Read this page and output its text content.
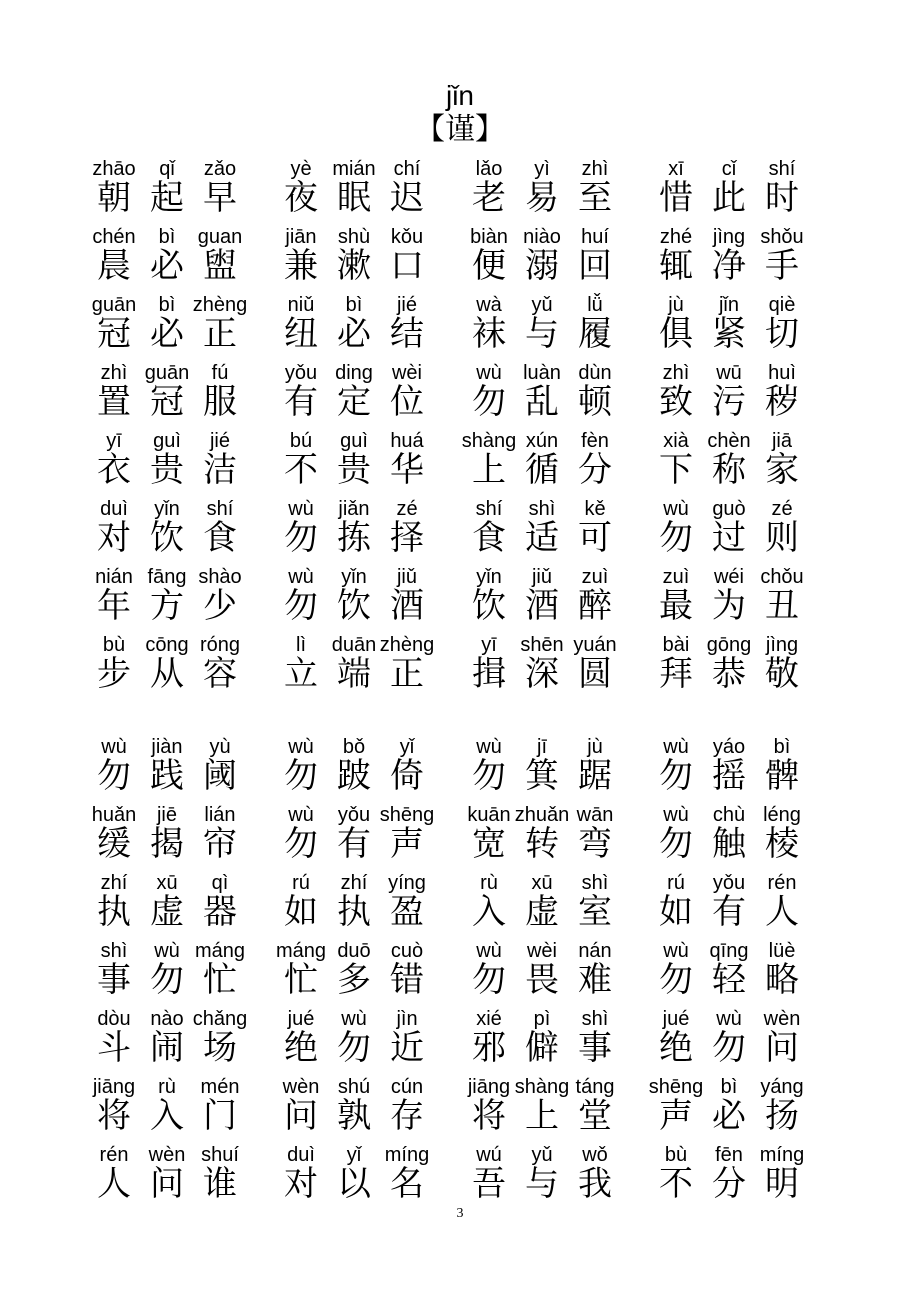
jǐn
【谨】
zhāo
朝
qǐ
起
zǎo
早
yè
夜
mián
眠
chí
迟
lǎo
老
yì
易
zhì
至
xī
惜
cǐ
此
shí
时
chén
晨
bì
必
guan
盥
jiān
兼
shù
漱
kǒu
口
biàn
便
niào
溺
huí
回
zhé
辄
jìng
净
shǒu
手
guān
冠
bì
必
zhèng
正
niǔ
纽
bì
必
jié
结
wà
袜
yǔ
与
lǚ
履
jù
俱
jǐn
紧
qiè
切
zhì
置
guān
冠
fú
服
yǒu
有
ding
定
wèi
位
wù
勿
luàn
乱
dùn
顿
zhì
致
wū
污
huì
秽
yī
衣
guì
贵
jié
洁
bú
不
guì
贵
huá
华
shàng
上
xún
循
fèn
分
xià
下
chèn
称
jiā
家
duì
对
yǐn
饮
shí
食
wù
勿
jiǎn
拣
zé
择
shí
食
shì
适
kě
可
wù
勿
guò
过
zé
则
nián
年
fāng
方
shào
少
wù
勿
yǐn
饮
jiǔ
酒
yǐn
饮
jiǔ
酒
zuì
醉
zuì
最
wéi
为
chǒu
丑
bù
步
cōng
从
róng
容
lì
立
duān
端
zhèng
正
yī
揖
shēn
深
yuán
圆
bài
拜
gōng
恭
jìng
敬
wù
勿
jiàn
践
yù
阈
wù
勿
bǒ
跛
yǐ
倚
wù
勿
jī
箕
jù
踞
wù
勿
yáo
摇
bì
髀
huǎn
缓
jiē
揭
lián
帘
wù
勿
yǒu
有
shēng
声
kuān
宽
zhuǎn
转
wān
弯
wù
勿
chù
触
léng
棱
zhí
执
xū
虚
qì
器
rú
如
zhí
执
yíng
盈
rù
入
xū
虚
shì
室
rú
如
yǒu
有
rén
人
shì
事
wù
勿
máng
忙
máng
忙
duō
多
cuò
错
wù
勿
wèi
畏
nán
难
wù
勿
qīng
轻
lüè
略
dòu
斗
nào
闹
chǎng
场
jué
绝
wù
勿
jìn
近
xié
邪
pì
僻
shì
事
jué
绝
wù
勿
wèn
问
jiāng
将
rù
入
mén
门
wèn
问
shú
孰
cún
存
jiāng
将
shàng
上
táng
堂
shēng
声
bì
必
yáng
扬
rén
人
wèn
问
shuí
谁
duì
对
yǐ
以
míng
名
wú
吾
yǔ
与
wǒ
我
bù
不
fēn
分
míng
明
3
